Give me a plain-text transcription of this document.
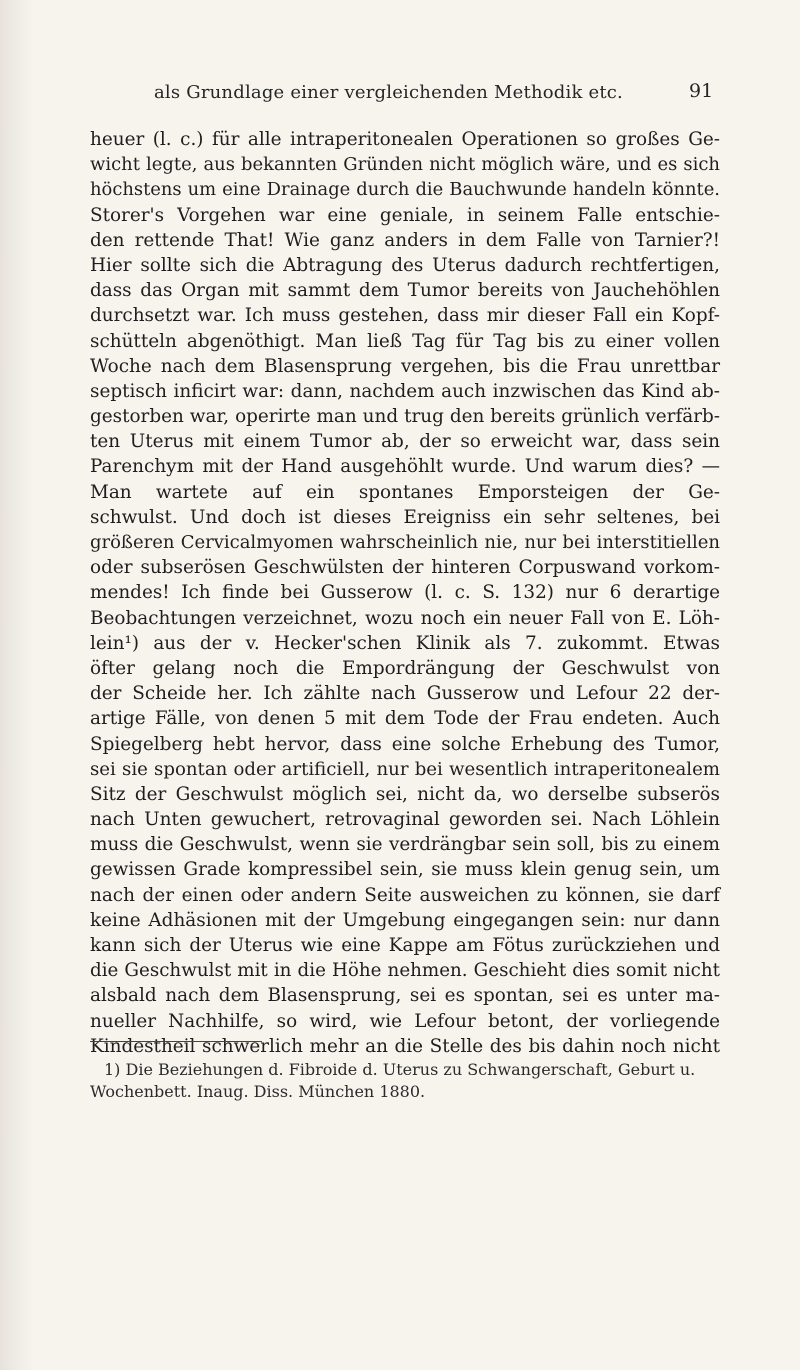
als Grundlage einer vergleichenden Methodik etc.	91
heuer (l. c.) für alle intraperitonealen Operationen so großes Ge-
wicht legte, aus bekannten Gründen nicht möglich wäre, und es sich
höchstens um eine Drainage durch die Bauchwunde handeln könnte.
Storer's Vorgehen war eine geniale, in seinem Falle entschie-
den rettende That! Wie ganz anders in dem Falle von Tarnier?!
Hier sollte sich die Abtragung des Uterus dadurch rechtfertigen,
dass das Organ mit sammt dem Tumor bereits von Jauchehöhlen
durchsetzt war. Ich muss gestehen, dass mir dieser Fall ein Kopf-
schütteln abgenöthigt. Man ließ Tag für Tag bis zu einer vollen
Woche nach dem Blasensprung vergehen, bis die Frau unrettbar
septisch inficirt war: dann, nachdem auch inzwischen das Kind ab-
gestorben war, operirte man und trug den bereits grünlich verfärb-
ten Uterus mit einem Tumor ab, der so erweicht war, dass sein
Parenchym mit der Hand ausgehöhlt wurde. Und warum dies? —
Man wartete auf ein spontanes Emporsteigen der Ge-
schwulst. Und doch ist dieses Ereigniss ein sehr seltenes, bei
größeren Cervicalmyomen wahrscheinlich nie, nur bei interstitiellen
oder subserösen Geschwülsten der hinteren Corpuswand vorkom-
mendes! Ich finde bei Gusserow (l. c. S. 132) nur 6 derartige
Beobachtungen verzeichnet, wozu noch ein neuer Fall von E. Löh-
lein¹) aus der v. Hecker'schen Klinik als 7. zukommt. Etwas
öfter gelang noch die Empordrängung der Geschwulst von
der Scheide her. Ich zählte nach Gusserow und Lefour 22 der-
artige Fälle, von denen 5 mit dem Tode der Frau endeten. Auch
Spiegelberg hebt hervor, dass eine solche Erhebung des Tumor,
sei sie spontan oder artificiell, nur bei wesentlich intraperitonealem
Sitz der Geschwulst möglich sei, nicht da, wo derselbe subserös
nach Unten gewuchert, retrovaginal geworden sei. Nach Löhlein
muss die Geschwulst, wenn sie verdrängbar sein soll, bis zu einem
gewissen Grade kompressibel sein, sie muss klein genug sein, um
nach der einen oder andern Seite ausweichen zu können, sie darf
keine Adhäsionen mit der Umgebung eingegangen sein: nur dann
kann sich der Uterus wie eine Kappe am Fötus zurückziehen und
die Geschwulst mit in die Höhe nehmen. Geschieht dies somit nicht
alsbald nach dem Blasensprung, sei es spontan, sei es unter ma-
nueller Nachhilfe, so wird, wie Lefour betont, der vorliegende
Kindestheil schwerlich mehr an die Stelle des bis dahin noch nicht
1) Die Beziehungen d. Fibroide d. Uterus zu Schwangerschaft, Geburt u.
Wochenbett. Inaug. Diss. München 1880.
